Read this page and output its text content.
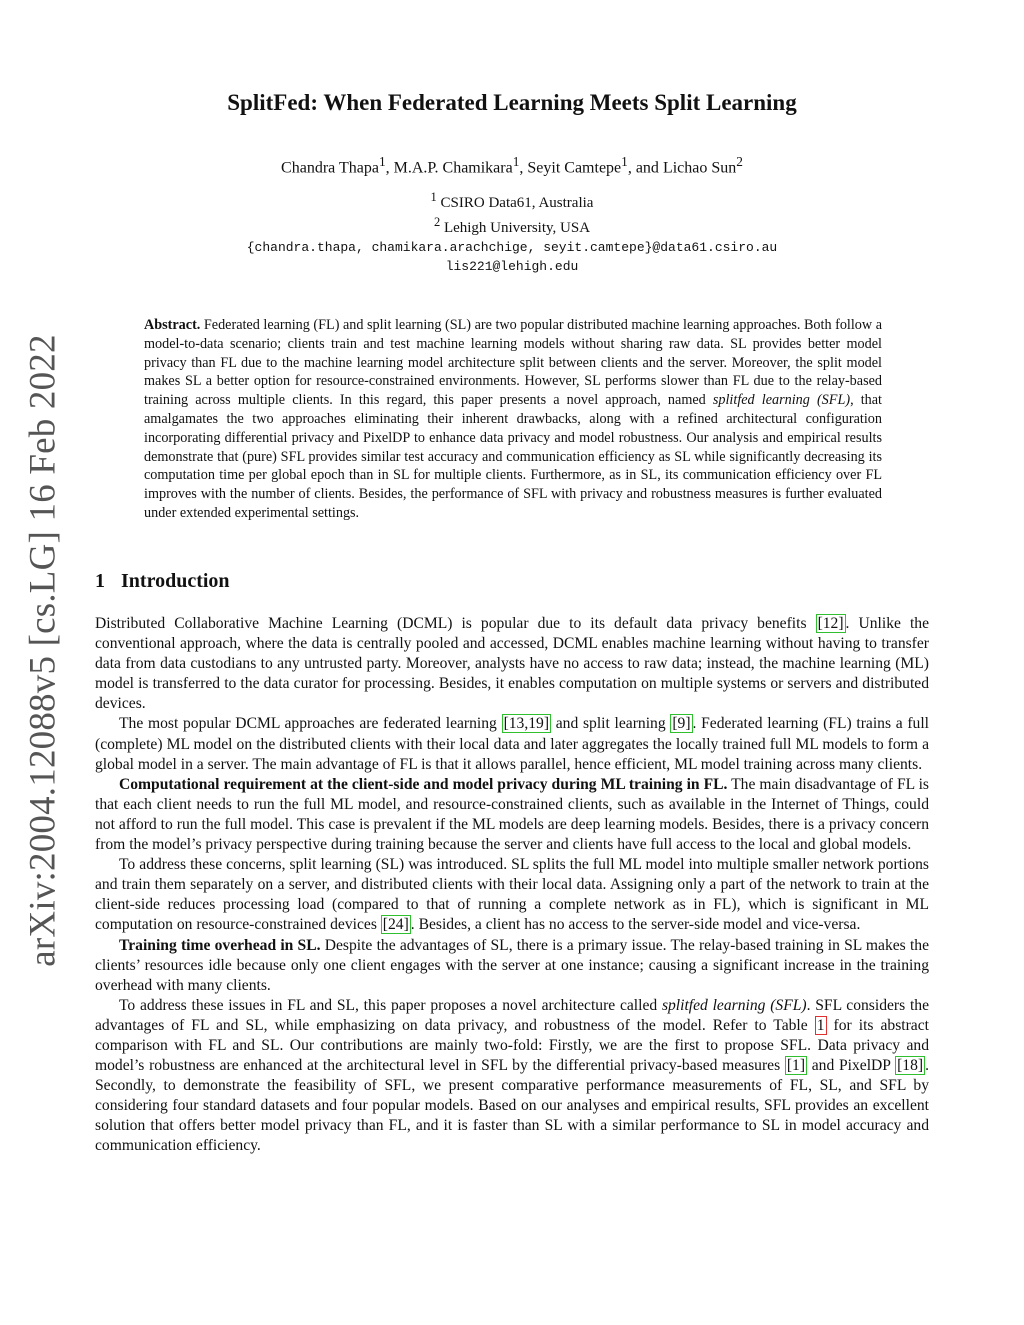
arXiv:2004.12088v5 [cs.LG] 16 Feb 2022
SplitFed: When Federated Learning Meets Split Learning
Chandra Thapa$^1$, M.A.P. Chamikara$^1$, Seyit Camtepe$^1$, and Lichao Sun$^2$
$^1$ CSIRO Data61, Australia
$^2$ Lehigh University, USA
{chandra.thapa, chamikara.arachchige, seyit.camtepe}@data61.csiro.au
lis221@lehigh.edu
Abstract. Federated learning (FL) and split learning (SL) are two popular distributed machine learning approaches. Both follow a model-to-data scenario; clients train and test machine learning models without sharing raw data. SL provides better model privacy than FL due to the machine learning model architecture split between clients and the server. Moreover, the split model makes SL a better option for resource-constrained environments. However, SL performs slower than FL due to the relay-based training across multiple clients. In this regard, this paper presents a novel approach, named splitfed learning (SFL), that amalgamates the two approaches eliminating their inherent drawbacks, along with a refined architectural configuration incorporating differential privacy and PixelDP to enhance data privacy and model robustness. Our analysis and empirical results demonstrate that (pure) SFL provides similar test accuracy and communication efficiency as SL while significantly decreasing its computation time per global epoch than in SL for multiple clients. Furthermore, as in SL, its communication efficiency over FL improves with the number of clients. Besides, the performance of SFL with privacy and robustness measures is further evaluated under extended experimental settings.
1 Introduction

Distributed Collaborative Machine Learning (DCML) is popular due to its default data privacy benefits [12] . Unlike the conventional approach, where the data is centrally pooled and accessed, DCML enables machine learning without having to transfer data from data custodians to any untrusted party. Moreover, analysts have no access to raw data; instead, the machine learning (ML) model is transferred to the data curator for processing. Besides, it enables computation on multiple systems or servers and distributed devices.

The most popular DCML approaches are federated learning [13,19] and split learning [9] . Federated learning (FL) trains a full (complete) ML model on the distributed clients with their local data and later aggregates the locally trained full ML models to form a global model in a server. The main advantage of FL is that it allows parallel, hence efficient, ML model training across many clients.

Computational requirement at the client-side and model privacy during ML training in FL. The main disadvantage of FL is that each client needs to run the full ML model, and resource-constrained clients, such as available in the Internet of Things, could not afford to run the full model. This case is prevalent if the ML models are deep learning models. Besides, there is a privacy concern from the model’s privacy perspective during training because the server and clients have full access to the local and global models.

To address these concerns, split learning (SL) was introduced. SL splits the full ML model into multiple smaller network portions and train them separately on a server, and distributed clients with their local data. Assigning only a part of the network to train at the client-side reduces processing load (compared to that of running a complete network as in FL), which is significant in ML computation on resource-constrained devices [24] . Besides, a client has no access to the server-side model and vice-versa.

Training time overhead in SL. Despite the advantages of SL, there is a primary issue. The relay-based training in SL makes the clients’ resources idle because only one client engages with the server at one instance; causing a significant increase in the training overhead with many clients.

To address these issues in FL and SL, this paper proposes a novel architecture called splitfed learning (SFL). SFL considers the advantages of FL and SL, while emphasizing on data privacy, and robustness of the model. Refer to Table 1 for its abstract comparison with FL and SL. Our contributions are mainly two-fold: Firstly, we are the first to propose SFL. Data privacy and model’s robustness are enhanced at the architectural level in SFL by the differential privacy-based measures [1] and PixelDP [18] . Secondly, to demonstrate the feasibility of SFL, we present comparative performance measurements of FL, SL, and SFL by considering four standard datasets and four popular models. Based on our analyses and empirical results, SFL provides an excellent solution that offers better model privacy than FL, and it is faster than SL with a similar performance to SL in model accuracy and communication efficiency.
